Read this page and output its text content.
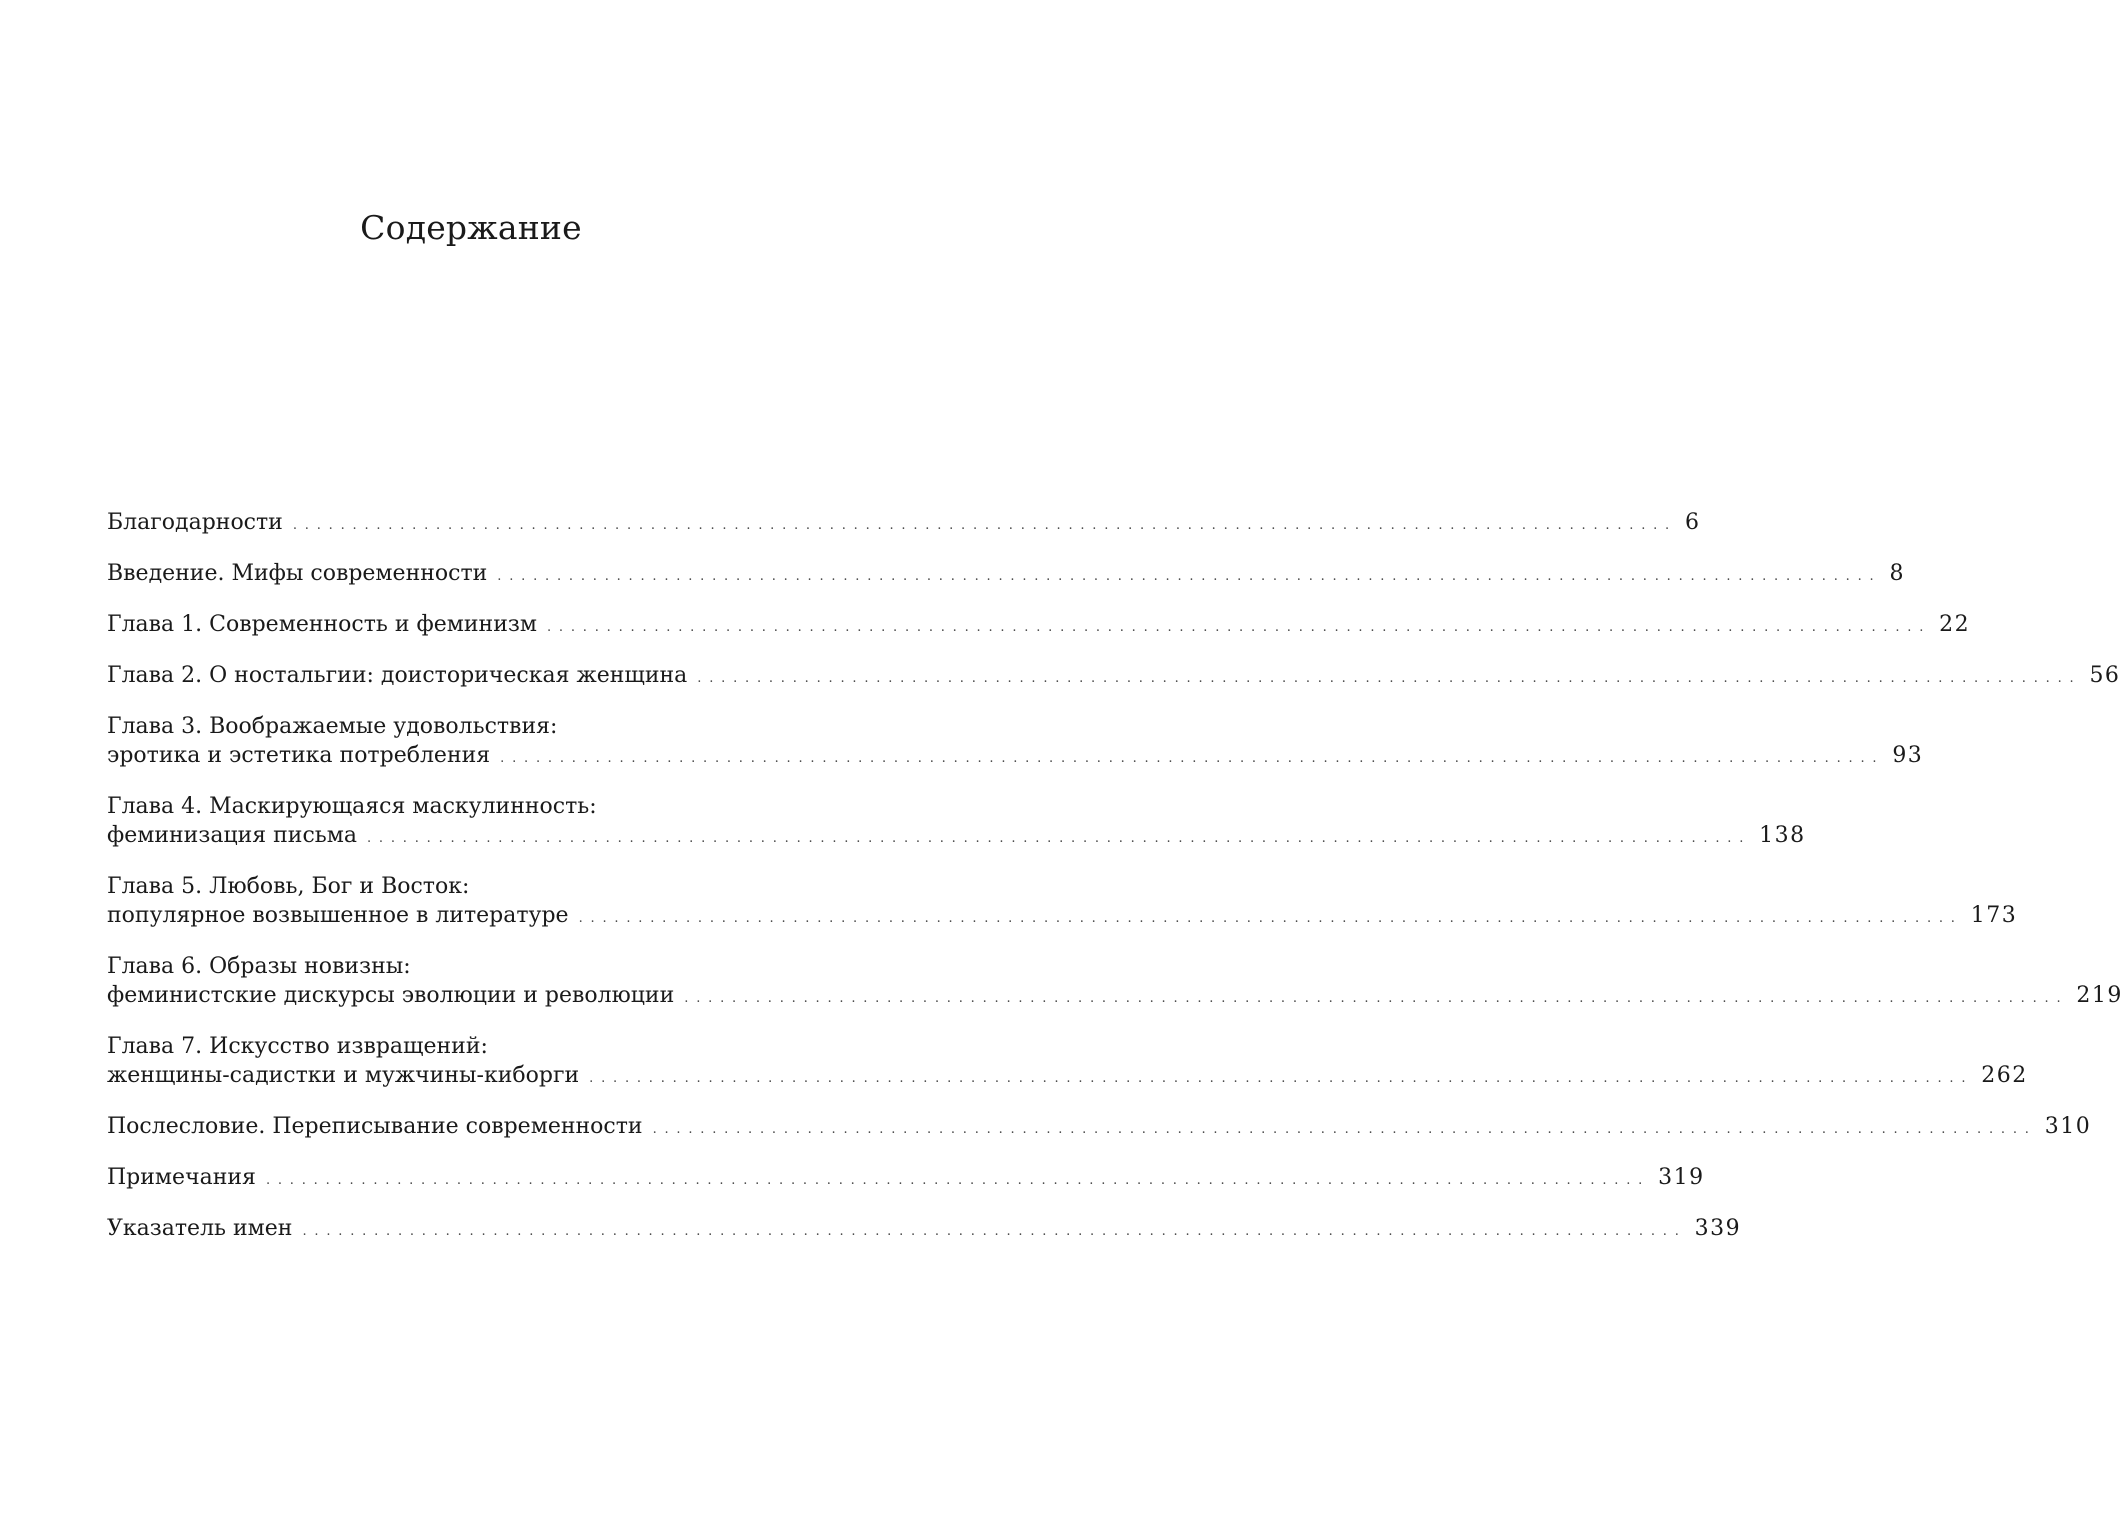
Содержание
Благодарности .................................................................................................................... 6
Введение. Мифы современности .................................................................................................................... 8
Глава 1. Современность и феминизм .................................................................................................................... 22
Глава 2. О ностальгии: доисторическая женщина .................................................................................................................... 56
Глава 3. Воображаемые удовольствия:
эротика и эстетика потребления .................................................................................................................... 93
Глава 4. Маскирующаяся маскулинность:
феминизация письма .................................................................................................................... 138
Глава 5. Любовь, Бог и Восток:
популярное возвышенное в литературе .................................................................................................................... 173
Глава 6. Образы новизны:
феминистские дискурсы эволюции и революции .................................................................................................................... 219
Глава 7. Искусство извращений:
женщины-садистки и мужчины-киборги .................................................................................................................... 262
Послесловие. Переписывание современности .................................................................................................................... 310
Примечания .................................................................................................................... 319
Указатель имен .................................................................................................................... 339
